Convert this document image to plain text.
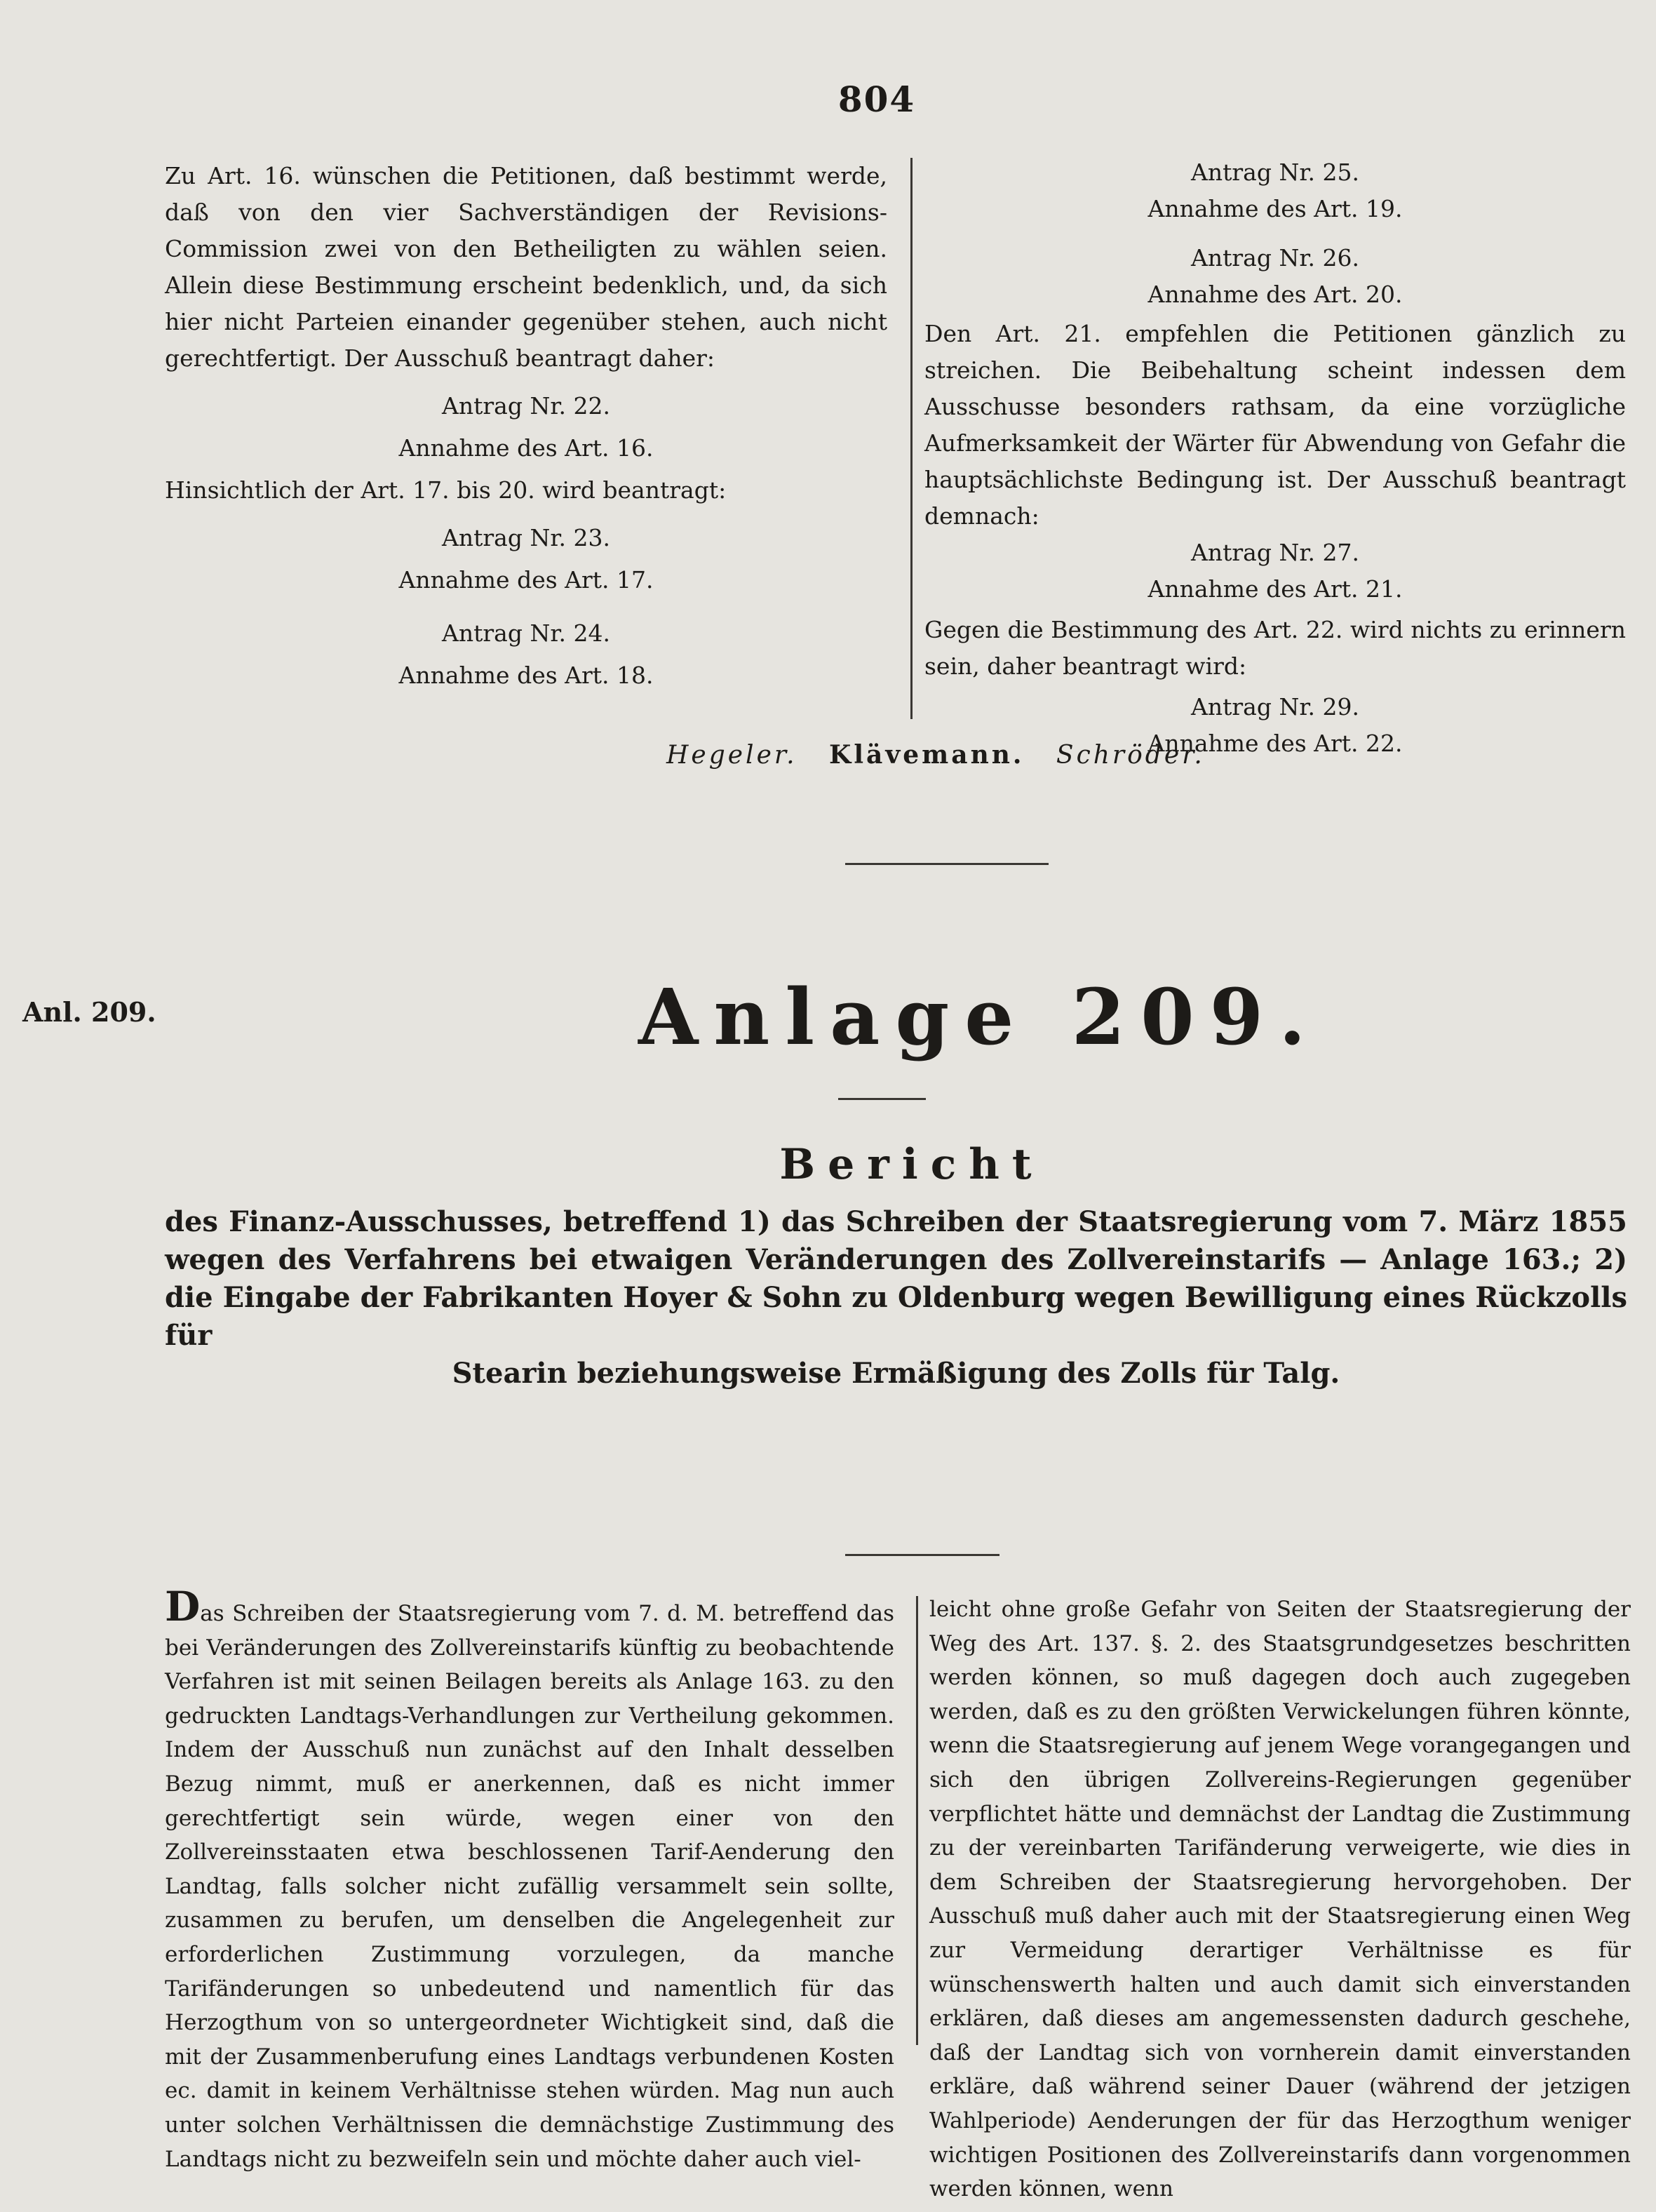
804

Zu Art. 16. wünschen die Petitionen, daß bestimmt werde, daß von den vier Sachverständigen der Revisions-Commission zwei von den Betheiligten zu wählen seien. Allein diese Bestimmung erscheint bedenklich, und, da sich hier nicht Parteien einander gegenüber stehen, auch nicht gerechtfertigt. Der Ausschuß beantragt daher:

Antrag Nr. 22.

Annahme des Art. 16.

Hinsichtlich der Art. 17. bis 20. wird beantragt:

Antrag Nr. 23.

Annahme des Art. 17.

Antrag Nr. 24.

Annahme des Art. 18.

Antrag Nr. 25.

Annahme des Art. 19.

Antrag Nr. 26.

Annahme des Art. 20.

Den Art. 21. empfehlen die Petitionen gänzlich zu streichen. Die Beibehaltung scheint indessen dem Ausschusse besonders rathsam, da eine vorzügliche Aufmerksamkeit der Wärter für Abwendung von Gefahr die hauptsächlichste Bedingung ist. Der Ausschuß beantragt demnach:

Antrag Nr. 27.

Annahme des Art. 21.

Gegen die Bestimmung des Art. 22. wird nichts zu erinnern sein, daher beantragt wird:

Antrag Nr. 29.

Annahme des Art. 22.

Hegeler. Klävemann. Schröder.
Anl. 209.	Anlage 209.
Bericht
des Finanz-Ausschusses, betreffend 1) das Schreiben der Staatsregierung vom 7. März 1855 wegen des Verfahrens bei etwaigen Veränderungen des Zollvereinstarifs — Anlage 163.; 2) die Eingabe der Fabrikanten Hoyer & Sohn zu Oldenburg wegen Bewilligung eines Rückzolls für
Stearin beziehungsweise Ermäßigung des Zolls für Talg.

Das Schreiben der Staatsregierung vom 7. d. M. betreffend das bei Veränderungen des Zollvereinstarifs künftig zu beobachtende Verfahren ist mit seinen Beilagen bereits als Anlage 163. zu den gedruckten Landtags-Verhandlungen zur Vertheilung gekommen. Indem der Ausschuß nun zunächst auf den Inhalt desselben Bezug nimmt, muß er anerkennen, daß es nicht immer gerechtfertigt sein würde, wegen einer von den Zollvereinsstaaten etwa beschlossenen Tarif-Aenderung den Landtag, falls solcher nicht zufällig versammelt sein sollte, zusammen zu berufen, um denselben die Angelegenheit zur erforderlichen Zustimmung vorzulegen, da manche Tarifänderungen so unbedeutend und namentlich für das Herzogthum von so untergeordneter Wichtigkeit sind, daß die mit der Zusammenberufung eines Landtags verbundenen Kosten ec. damit in keinem Verhältnisse stehen würden. Mag nun auch unter solchen Verhältnissen die demnächstige Zustimmung des Landtags nicht zu bezweifeln sein und möchte daher auch viel-

leicht ohne große Gefahr von Seiten der Staatsregierung der Weg des Art. 137. §. 2. des Staatsgrundgesetzes beschritten werden können, so muß dagegen doch auch zugegeben werden, daß es zu den größten Verwickelungen führen könnte, wenn die Staatsregierung auf jenem Wege vorangegangen und sich den übrigen Zollvereins-Regierungen gegenüber verpflichtet hätte und demnächst der Landtag die Zustimmung zu der vereinbarten Tarifänderung verweigerte, wie dies in dem Schreiben der Staatsregierung hervorgehoben. Der Ausschuß muß daher auch mit der Staatsregierung einen Weg zur Vermeidung derartiger Verhältnisse es für wünschenswerth halten und auch damit sich einverstanden erklären, daß dieses am angemessensten dadurch geschehe, daß der Landtag sich von vornherein damit einverstanden erkläre, daß während seiner Dauer (während der jetzigen Wahlperiode) Aenderungen der für das Herzogthum weniger wichtigen Positionen des Zollvereinstarifs dann vorgenommen werden können, wenn
